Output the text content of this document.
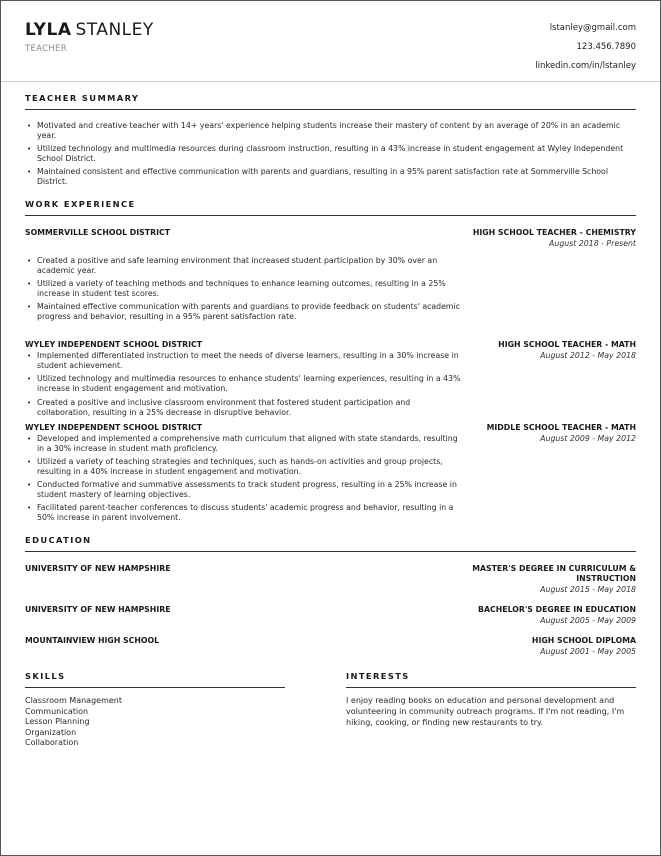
LYLA STANLEY
TEACHER
lstanley@gmail.com
123.456.7890
linkedin.com/in/lstanley
TEACHER SUMMARY
• Motivated and creative teacher with 14+ years' experience helping students increase their mastery of content by an average of 20% in an academic year.
• Utilized technology and multimedia resources during classroom instruction, resulting in a 43% increase in student engagement at Wyley Independent School District.
• Maintained consistent and effective communication with parents and guardians, resulting in a 95% parent satisfaction rate at Sommerville School District.
WORK EXPERIENCE
SOMMERVILLE SCHOOL DISTRICT	HIGH SCHOOL TEACHER - CHEMISTRY
August 2018 - Present
• Created a positive and safe learning environment that increased student participation by 30% over an academic year.
• Utilized a variety of teaching methods and techniques to enhance learning outcomes, resulting in a 25% increase in student test scores.
• Maintained effective communication with parents and guardians to provide feedback on students' academic progress and behavior, resulting in a 95% parent satisfaction rate.
WYLEY INDEPENDENT SCHOOL DISTRICT	HIGH SCHOOL TEACHER - MATH
August 2012 - May 2018
• Implemented differentiated instruction to meet the needs of diverse learners, resulting in a 30% increase in student achievement.
• Utilized technology and multimedia resources to enhance students' learning experiences, resulting in a 43% increase in student engagement and motivation.
• Created a positive and inclusive classroom environment that fostered student participation and collaboration, resulting in a 25% decrease in disruptive behavior.
WYLEY INDEPENDENT SCHOOL DISTRICT	MIDDLE SCHOOL TEACHER - MATH
August 2009 - May 2012
• Developed and implemented a comprehensive math curriculum that aligned with state standards, resulting in a 30% increase in student math proficiency.
• Utilized a variety of teaching strategies and techniques, such as hands-on activities and group projects, resulting in a 40% increase in student engagement and motivation.
• Conducted formative and summative assessments to track student progress, resulting in a 25% increase in student mastery of learning objectives.
• Facilitated parent-teacher conferences to discuss students' academic progress and behavior, resulting in a 50% increase in parent involvement.
EDUCATION
UNIVERSITY OF NEW HAMPSHIRE	MASTER'S DEGREE IN CURRICULUM &
INSTRUCTION
August 2015 - May 2018
UNIVERSITY OF NEW HAMPSHIRE	BACHELOR'S DEGREE IN EDUCATION
August 2005 - May 2009
MOUNTAINVIEW HIGH SCHOOL	HIGH SCHOOL DIPLOMA
August 2001 - May 2005
SKILLS
Classroom Management
Communication
Lesson Planning
Organization
Collaboration
INTERESTS
I enjoy reading books on education and personal development and volunteering in community outreach programs. If I'm not reading, I'm hiking, cooking, or finding new restaurants to try.
